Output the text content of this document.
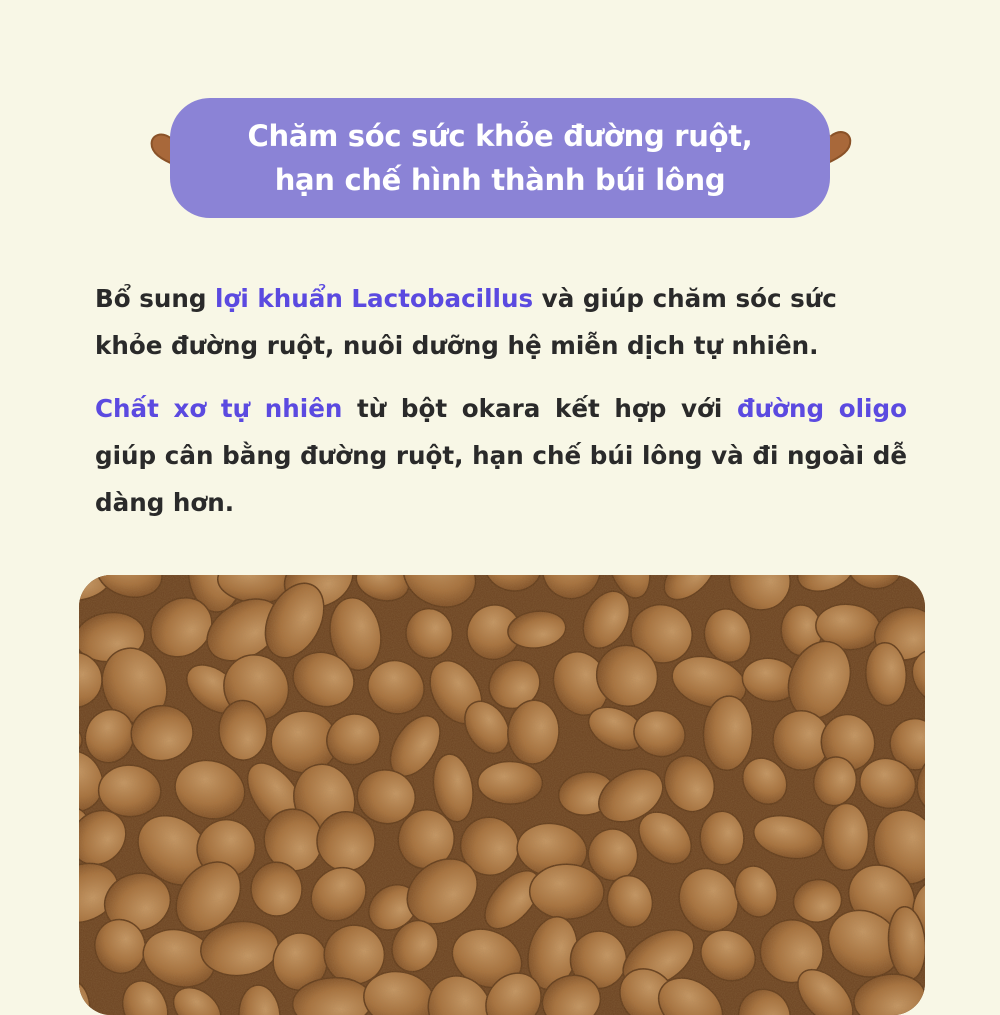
Chăm sóc sức khỏe đường ruột,
hạn chế hình thành búi lông

Bổ sung lợi khuẩn Lactobacillus và giúp chăm sóc sức khỏe đường ruột, nuôi dưỡng hệ miễn dịch tự nhiên.

Chất xơ tự nhiên từ bột okara kết hợp với đường oligo giúp cân bằng đường ruột, hạn chế búi lông và đi ngoài dễ dàng hơn.
